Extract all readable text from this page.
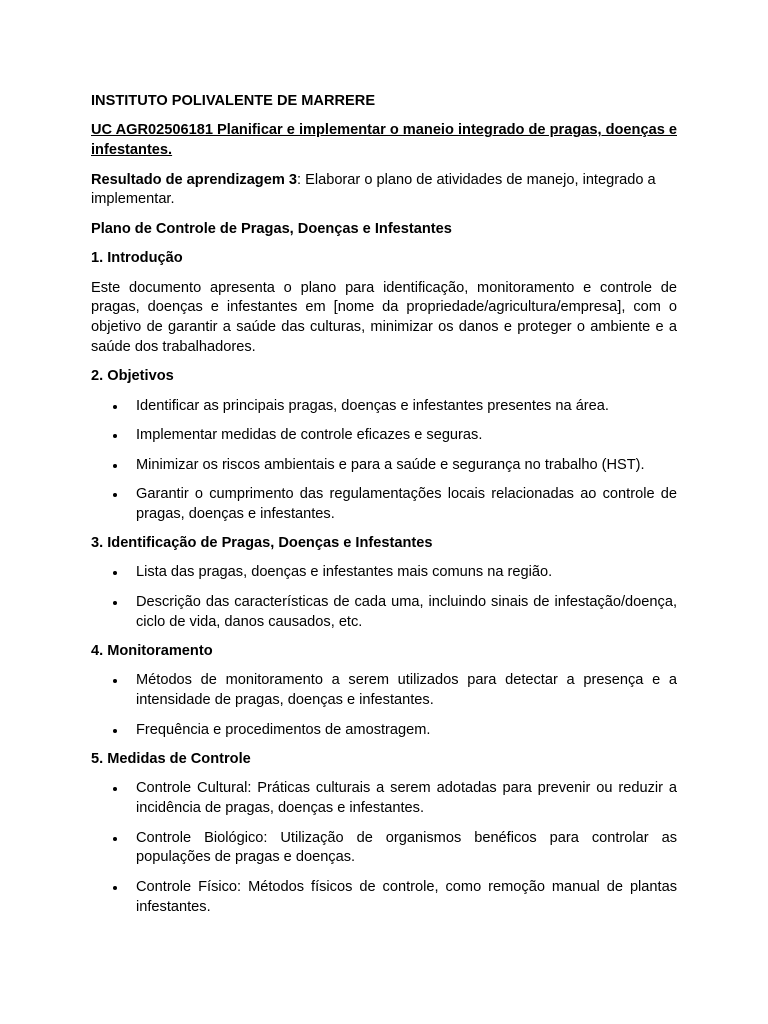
INSTITUTO POLIVALENTE DE MARRERE
UC AGR02506181 Planificar e implementar o maneio integrado de pragas, doenças e infestantes.
Resultado de aprendizagem 3: Elaborar o plano de atividades de manejo, integrado a implementar.
Plano de Controle de Pragas, Doenças e Infestantes
1. Introdução
Este documento apresenta o plano para identificação, monitoramento e controle de pragas, doenças e infestantes em [nome da propriedade/agricultura/empresa], com o objetivo de garantir a saúde das culturas, minimizar os danos e proteger o ambiente e a saúde dos trabalhadores.
2. Objetivos
Identificar as principais pragas, doenças e infestantes presentes na área.
Implementar medidas de controle eficazes e seguras.
Minimizar os riscos ambientais e para a saúde e segurança no trabalho (HST).
Garantir o cumprimento das regulamentações locais relacionadas ao controle de pragas, doenças e infestantes.
3. Identificação de Pragas, Doenças e Infestantes
Lista das pragas, doenças e infestantes mais comuns na região.
Descrição das características de cada uma, incluindo sinais de infestação/doença, ciclo de vida, danos causados, etc.
4. Monitoramento
Métodos de monitoramento a serem utilizados para detectar a presença e a intensidade de pragas, doenças e infestantes.
Frequência e procedimentos de amostragem.
5. Medidas de Controle
Controle Cultural: Práticas culturais a serem adotadas para prevenir ou reduzir a incidência de pragas, doenças e infestantes.
Controle Biológico: Utilização de organismos benéficos para controlar as populações de pragas e doenças.
Controle Físico: Métodos físicos de controle, como remoção manual de plantas infestantes.
